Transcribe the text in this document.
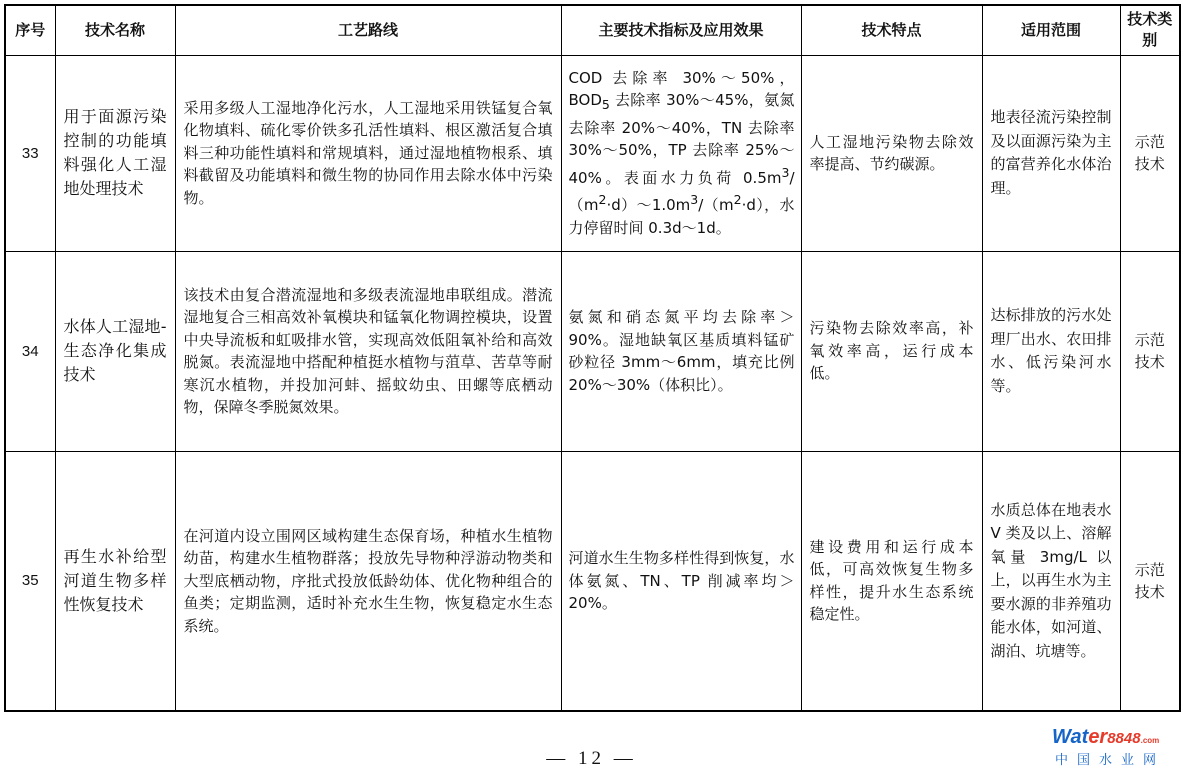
序号	技术名称	工艺路线	主要技术指标及应用效果	技术特点	适用范围	技术类别
33	用于面源污染控制的功能填料强化人工湿地处理技术	采用多级人工湿地净化污水，人工湿地采用铁锰复合氧化物填料、硫化零价铁多孔活性填料、根区激活复合填料三种功能性填料和常规填料，通过湿地植物根系、填料截留及功能填料和微生物的协同作用去除水体中污染物。	COD 去除率 30%～50%，$BOD_5$ 去除率 30%～45%，氨氮去除率 20%～40%，TN 去除率 30%～50%，TP 去除率 25%～40%。表面水力负荷 $0.5m^3/(m^2\cdot d)\sim 1.0m^3/(m^2\cdot d)$，水力停留时间 0.3d～1d。	人工湿地污染物去除效率提高、节约碳源。	地表径流污染控制及以面源污染为主的富营养化水体治理。	示范技术
34	水体人工湿地-生态净化集成技术	该技术由复合潜流湿地和多级表流湿地串联组成。潜流湿地复合三相高效补氧模块和锰氧化物调控模块，设置中央导流板和虹吸排水管，实现高效低阻氧补给和高效脱氮。表流湿地中搭配种植挺水植物与菹草、苦草等耐寒沉水植物，并投加河蚌、摇蚊幼虫、田螺等底栖动物，保障冬季脱氮效果。	氨氮和硝态氮平均去除率＞90%。湿地缺氧区基质填料锰矿砂粒径 3mm～6mm，填充比例 20%～30%（体积比）。	污染物去除效率高，补氧效率高，运行成本低。	达标排放的污水处理厂出水、农田排水、低污染河水等。	示范技术
35	再生水补给型河道生物多样性恢复技术	在河道内设立围网区域构建生态保育场，种植水生植物幼苗，构建水生植物群落；投放先导物种浮游动物类和大型底栖动物，序批式投放低龄幼体、优化物种组合的鱼类；定期监测，适时补充水生生物，恢复稳定水生态系统。	河道水生生物多样性得到恢复，水体氨氮、TN、TP 削减率均＞20%。	建设费用和运行成本低，可高效恢复生物多样性，提升水生态系统稳定性。	水质总体在地表水 V 类及以上、溶解氧量 3mg/L 以上，以再生水为主要水源的非养殖功能水体，如河道、湖泊、坑塘等。	示范技术
— 12 —
Water8848.com
中国水业网
